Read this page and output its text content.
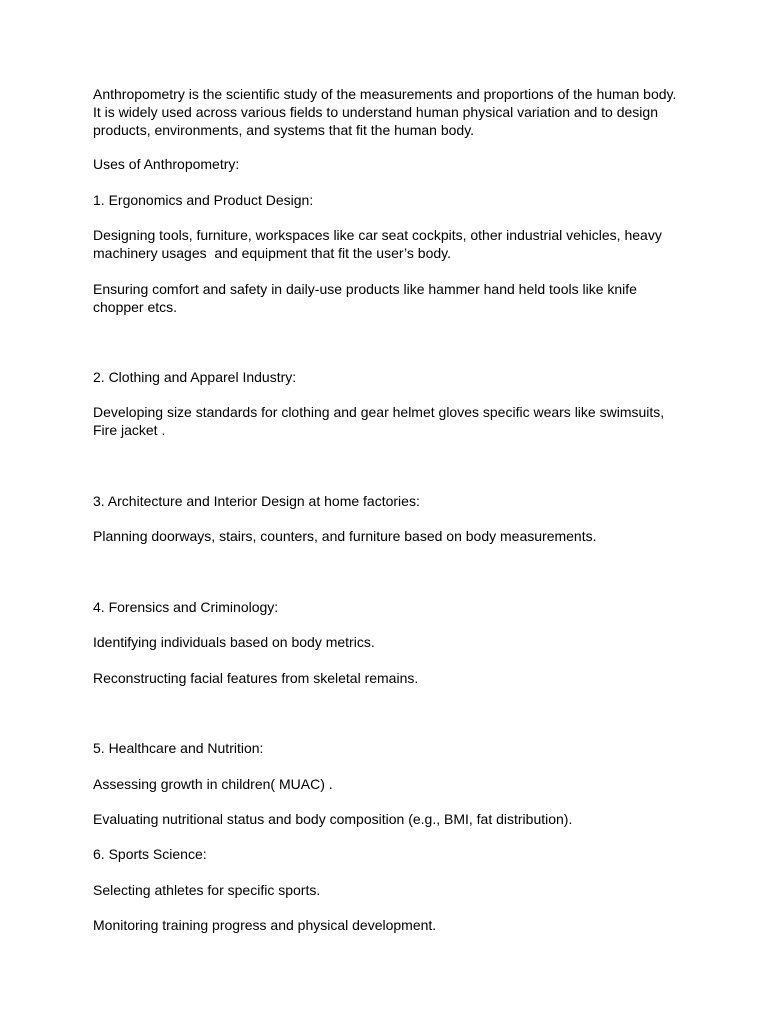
Anthropometry is the scientific study of the measurements and proportions of the human body. It is widely used across various fields to understand human physical variation and to design products, environments, and systems that fit the human body.

Uses of Anthropometry:

1. Ergonomics and Product Design:

Designing tools, furniture, workspaces like car seat cockpits, other industrial vehicles, heavy machinery usages  and equipment that fit the user’s body.

Ensuring comfort and safety in daily-use products like hammer hand held tools like knife chopper etcs.

2. Clothing and Apparel Industry:

Developing size standards for clothing and gear helmet gloves specific wears like swimsuits, Fire jacket .

3. Architecture and Interior Design at home factories:

Planning doorways, stairs, counters, and furniture based on body measurements.

4. Forensics and Criminology:

Identifying individuals based on body metrics.

Reconstructing facial features from skeletal remains.

5. Healthcare and Nutrition:

Assessing growth in children( MUAC) .

Evaluating nutritional status and body composition (e.g., BMI, fat distribution).

6. Sports Science:

Selecting athletes for specific sports.

Monitoring training progress and physical development.
